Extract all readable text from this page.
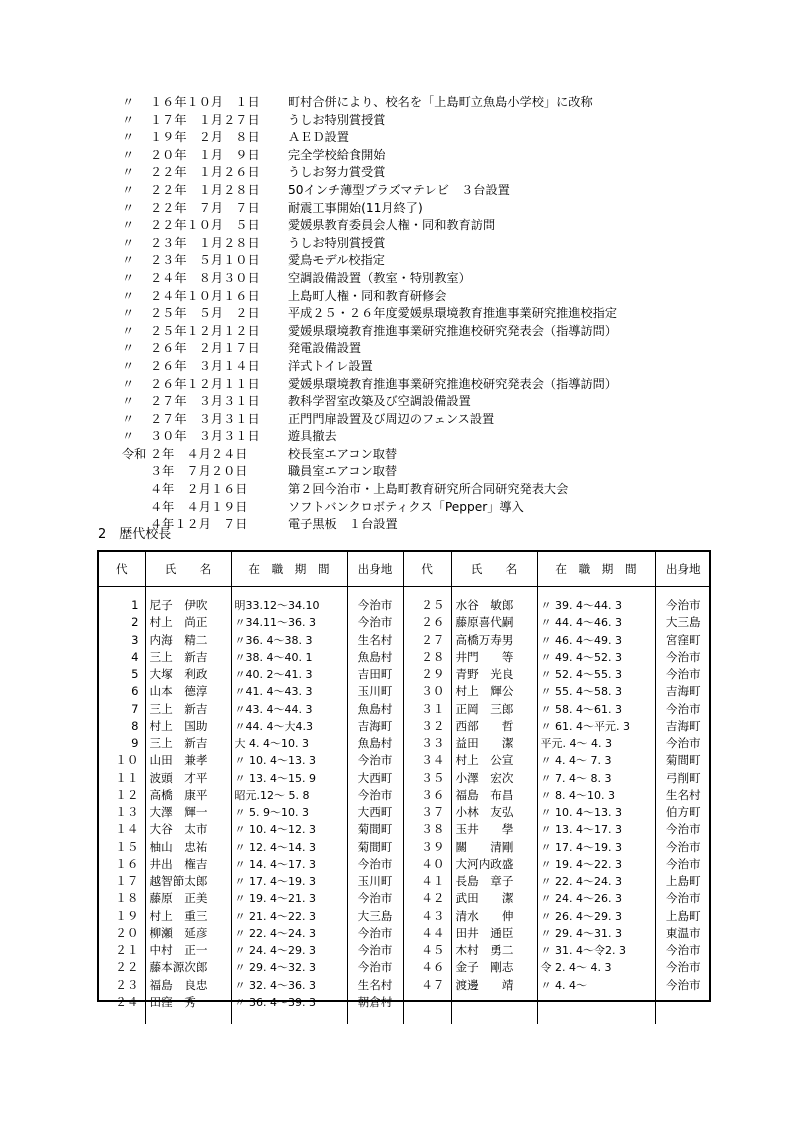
〃	１６年１０月　１日	町村合併により、校名を「上島町立魚島小学校」に改称
〃	１７年　１月２７日	うしお特別賞授賞
〃	１９年　２月　８日	ＡＥＤ設置
〃	２０年　１月　９日	完全学校給食開始
〃	２２年　１月２６日	うしお努力賞受賞
〃	２２年　１月２８日	50インチ薄型プラズマテレビ　３台設置
〃	２２年　７月　７日	耐震工事開始(11月終了)
〃	２２年１０月　５日	愛媛県教育委員会人権・同和教育訪問
〃	２３年　１月２８日	うしお特別賞授賞
〃	２３年　５月１０日	愛鳥モデル校指定
〃	２４年　８月３０日	空調設備設置（教室・特別教室）
〃	２４年１０月１６日	上島町人権・同和教育研修会
〃	２５年　５月　２日	平成２５・２６年度愛媛県環境教育推進事業研究推進校指定
〃	２５年１２月１２日	愛媛県環境教育推進事業研究推進校研究発表会（指導訪問）
〃	２６年　２月１７日	発電設備設置
〃	２６年　３月１４日	洋式トイレ設置
〃	２６年１２月１１日	愛媛県環境教育推進事業研究推進校研究発表会（指導訪問）
〃	２７年　３月３１日	教科学習室改築及び空調設備設置
〃	２７年　３月３１日	正門門扉設置及び周辺のフェンス設置
〃	３０年　３月３１日	遊具撤去
令和 ２年　４月２４日	校長室エアコン取替
３年　７月２０日	職員室エアコン取替
４年　２月１６日	第２回今治市・上島町教育研究所合同研究発表大会
４年　４月１９日	ソフトバンクロボティクス「Pepper」導入
４年１２月　７日	電子黒板　１台設置
2　歴代校長
代	氏　　名	在　職　期　間	出身地	代	氏　　名	在　職　期　間	出身地

1	尼子　伊吹	明33.12～34.10	今治市	２５	水谷　敏郎	〃 39. 4～44. 3	今治市
2	村上　尚正	〃34.11～36. 3	今治市	２６	藤原喜代嗣	〃 44. 4～46. 3	大三島
3	内海　精二	〃36. 4～38. 3	生名村	２７	高橋万寿男	〃 46. 4～49. 3	宮窪町
4	三上　新吉	〃38. 4～40. 1	魚島村	２８	井門　　等	〃 49. 4～52. 3	今治市
5	大塚　利政	〃40. 2～41. 3	吉田町	２９	青野　光良	〃 52. 4～55. 3	今治市
6	山本　德淳	〃41. 4～43. 3	玉川町	３０	村上　輝公	〃 55. 4～58. 3	吉海町
7	三上　新吉	〃43. 4～44. 3	魚島村	３１	正岡　三郎	〃 58. 4～61. 3	今治市
8	村上　国助	〃44. 4～大4.3	吉海町	３２	西部　　哲	〃 61. 4～平元. 3	吉海町
9	三上　新吉	大 4. 4～10. 3	魚島村	３３	益田　　潔	平元. 4～ 4. 3	今治市
１０	山田　兼孝	〃 10. 4～13. 3	今治市	３４	村上　公宣	〃 4. 4～ 7. 3	菊間町
１１	波頭　才平	〃 13. 4～15. 9	大西町	３５	小澤　宏次	〃 7. 4～ 8. 3	弓削町
１２	高橋　康平	昭元.12～ 5. 8	今治市	３６	福島　布昌	〃 8. 4～10. 3	生名村
１３	大澤　輝一	〃 5. 9～10. 3	大西町	３７	小林　友弘	〃 10. 4～13. 3	伯方町
１４	大谷　太市	〃 10. 4～12. 3	菊間町	３８	玉井　　學	〃 13. 4～17. 3	今治市
１５	柚山　忠祐	〃 12. 4～14. 3	菊間町	３９	關　　清剛	〃 17. 4～19. 3	今治市
１６	井出　権吉	〃 14. 4～17. 3	今治市	４０	大河内政盛	〃 19. 4～22. 3	今治市
１７	越智節太郎	〃 17. 4～19. 3	玉川町	４１	長島　章子	〃 22. 4～24. 3	上島町
１８	藤原　正美	〃 19. 4～21. 3	今治市	４２	武田　　潔	〃 24. 4～26. 3	今治市
１９	村上　重三	〃 21. 4～22. 3	大三島	４３	清水　　伸	〃 26. 4～29. 3	上島町
２０	柳瀬　延彦	〃 22. 4～24. 3	今治市	４４	田井　通臣	〃 29. 4～31. 3	東温市
２１	中村　正一	〃 24. 4～29. 3	今治市	４５	木村　勇二	〃 31. 4～令2. 3	今治市
２２	藤本源次郎	〃 29. 4～32. 3	今治市	４６	金子　剛志	令 2. 4～ 4. 3	今治市
２３	福島　良忠	〃 32. 4～36. 3	生名村	４７	渡邊　　靖	〃 4. 4～	今治市
２４	田窪　秀一	〃 36. 4～39. 3	朝倉村				
